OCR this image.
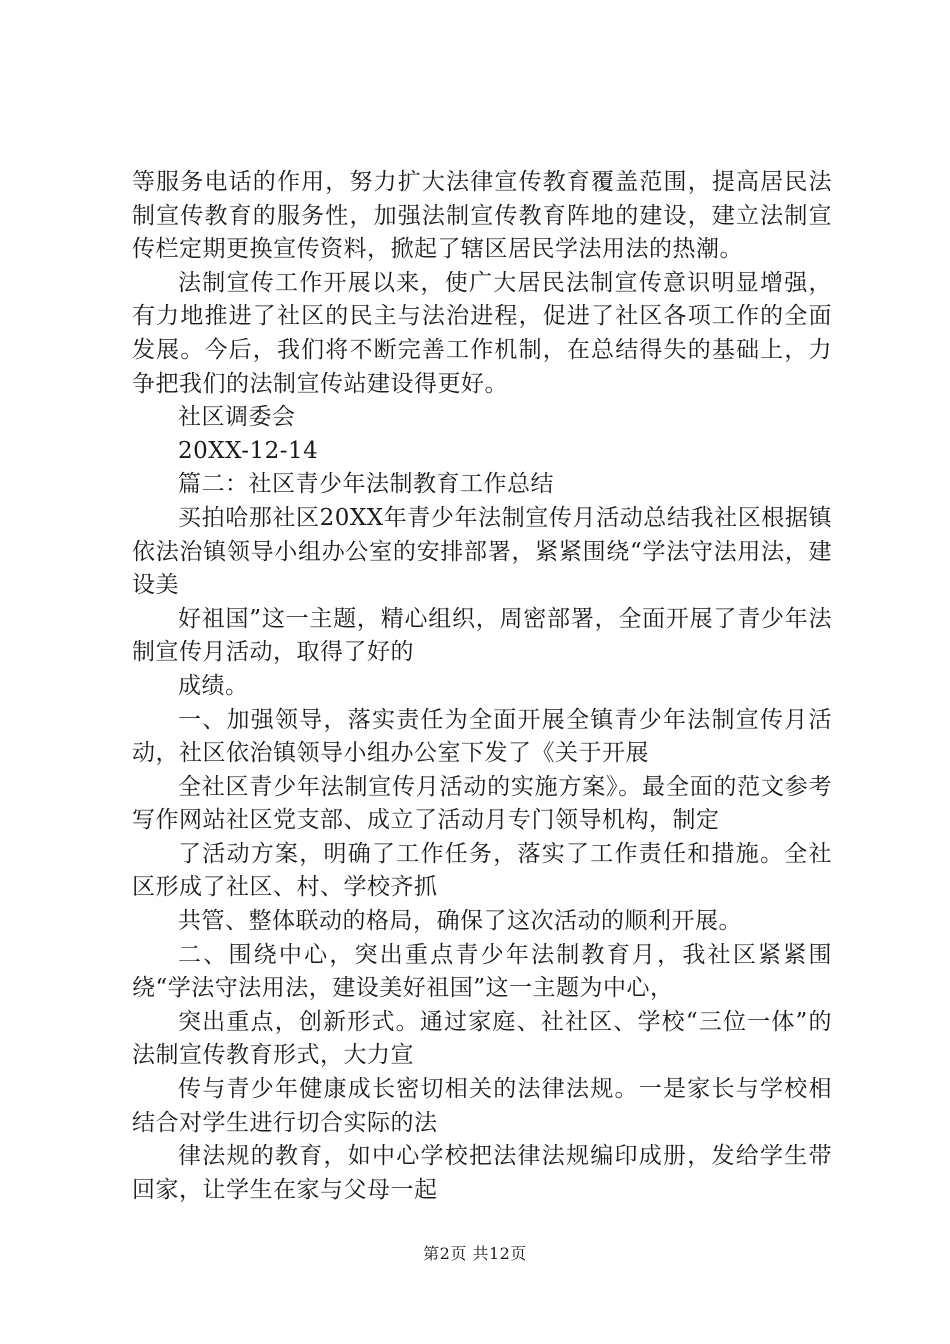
等服务电话的作用，努力扩大法律宣传教育覆盖范围，提高居民法制宣传教育的服务性，加强法制宣传教育阵地的建设，建立法制宣传栏定期更换宣传资料，掀起了辖区居民学法用法的热潮。

法制宣传工作开展以来，使广大居民法制宣传意识明显增强，有力地推进了社区的民主与法治进程，促进了社区各项工作的全面发展。今后，我们将不断完善工作机制，在总结得失的基础上，力争把我们的法制宣传站建设得更好。

社区调委会

20XX-12-14

篇二：社区青少年法制教育工作总结

买拍哈那社区20XX年青少年法制宣传月活动总结我社区根据镇依法治镇领导小组办公室的安排部署，紧紧围绕“学法守法用法，建设美

好祖国”这一主题，精心组织，周密部署，全面开展了青少年法制宣传月活动，取得了好的

成绩。

一、加强领导，落实责任为全面开展全镇青少年法制宣传月活动，社区依治镇领导小组办公室下发了《关于开展

全社区青少年法制宣传月活动的实施方案》。最全面的范文参考写作网站社区党支部、成立了活动月专门领导机构，制定

了活动方案，明确了工作任务，落实了工作责任和措施。全社区形成了社区、村、学校齐抓

共管、整体联动的格局，确保了这次活动的顺利开展。

二、围绕中心，突出重点青少年法制教育月，我社区紧紧围绕“学法守法用法，建设美好祖国”这一主题为中心，

突出重点，创新形式。通过家庭、社社区、学校“三位一体”的法制宣传教育形式，大力宣

传与青少年健康成长密切相关的法律法规。一是家长与学校相结合对学生进行切合实际的法

律法规的教育，如中心学校把法律法规编印成册，发给学生带回家，让学生在家与父母一起

第2页 共12页
